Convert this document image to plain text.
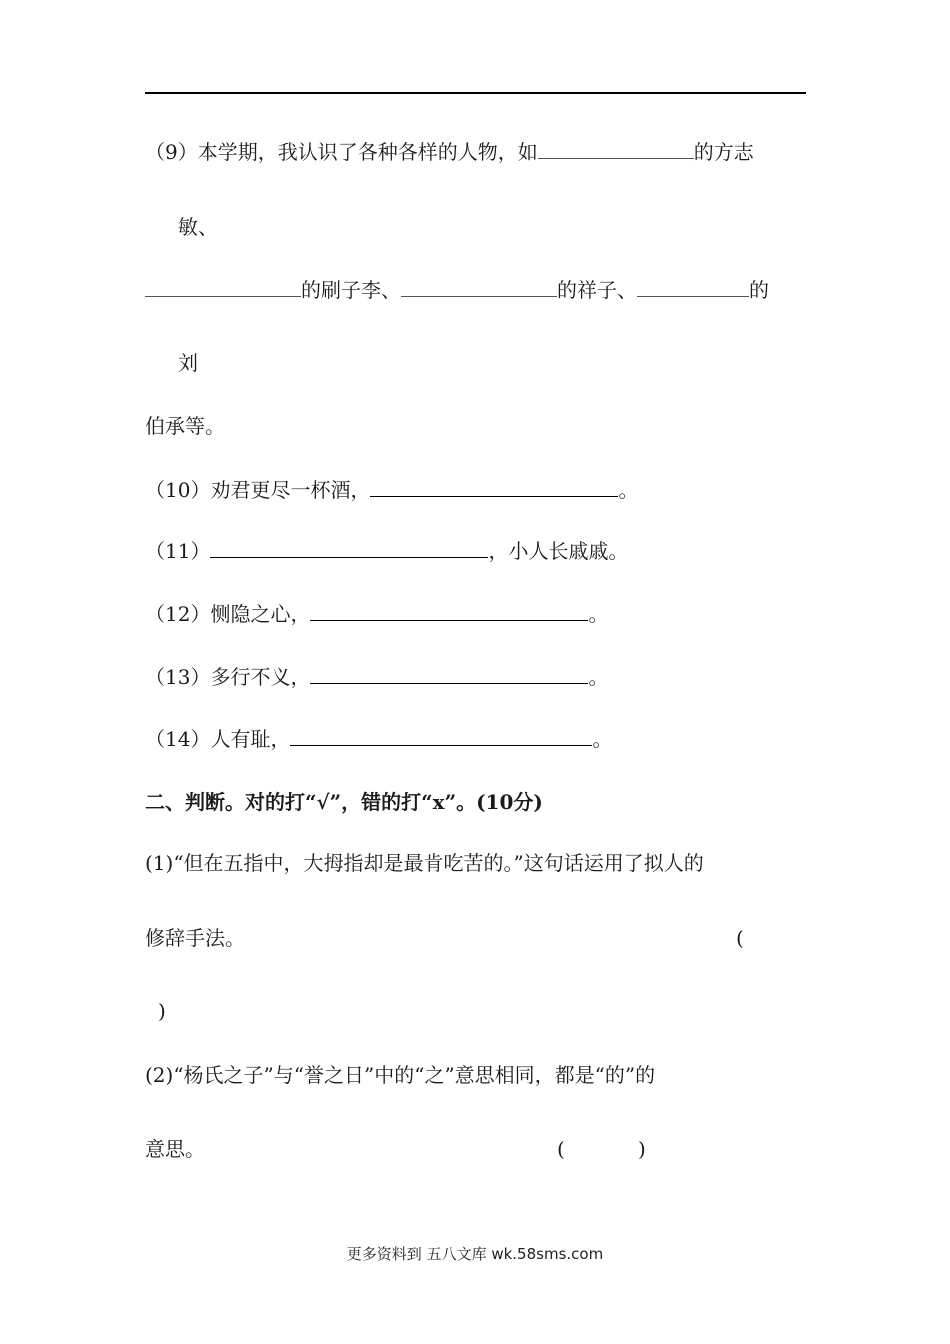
（9）本学期，我认识了各种各样的人物，如	的方志
敏、
的刷子李、	的祥子、	的
刘
伯承等。
（10）劝君更尽一杯酒，	。
（11）	，小人长戚戚。
（12）恻隐之心，	。
（13）多行不义，	。
（14）人有耻，	。
二、判断。对的打“√”，错的打“x”。(10分)
(1)“但在五指中，大拇指却是最肯吃苦的。”这句话运用了拟人的
修辞手法。	(
)
(2)“杨氏之子”与“誉之日”中的“之”意思相同，都是“的”的
意思。	(	)
更多资料到 五八文库 wk.58sms.com
